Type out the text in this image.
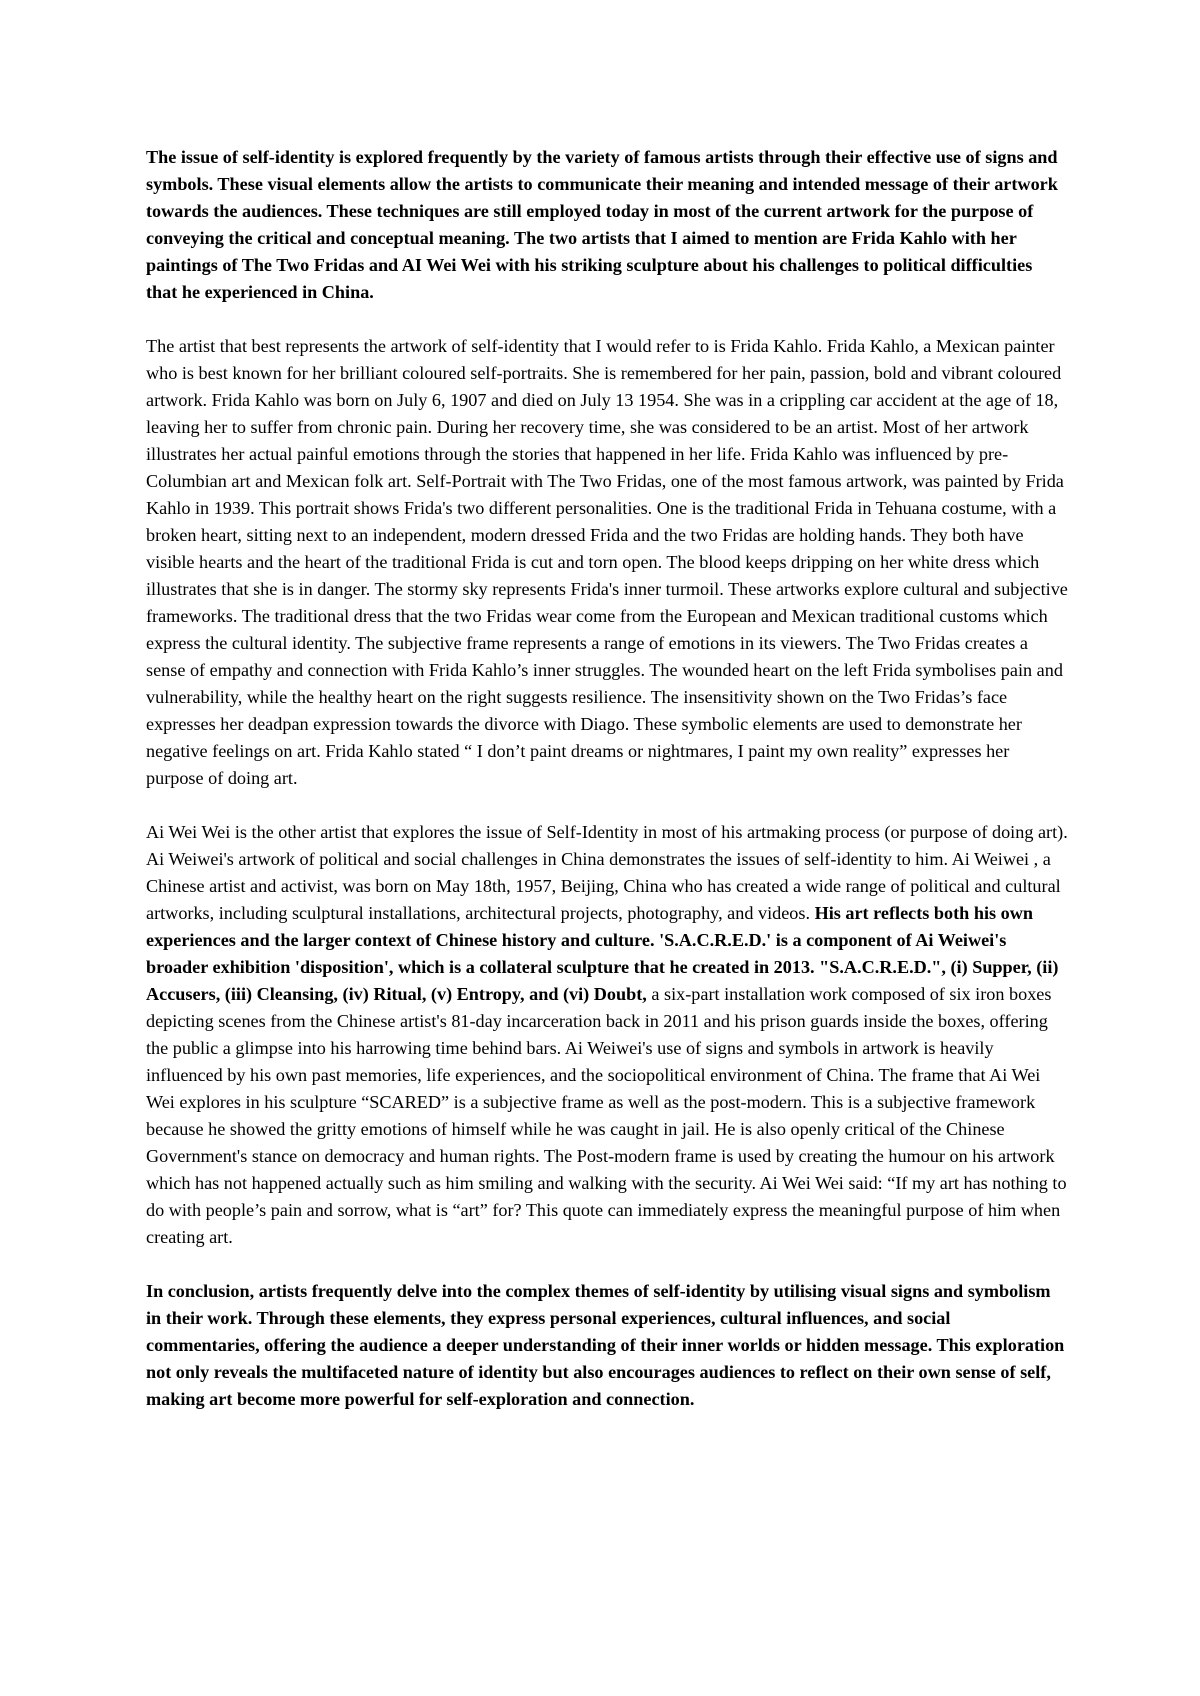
The issue of self-identity is explored frequently by the variety of famous artists through their effective use of signs and symbols. These visual elements allow the artists to communicate their meaning and intended message of their artwork towards the audiences. These techniques are still employed today in most of the current artwork for the purpose of conveying the critical and conceptual meaning. The two artists that I aimed to mention are Frida Kahlo with her paintings of The Two Fridas and AI Wei Wei with his striking sculpture about his challenges to political difficulties that he experienced in China.

The artist that best represents the artwork of self-identity that I would refer to is Frida Kahlo. Frida Kahlo, a Mexican painter who is best known for her brilliant coloured self-portraits. She is remembered for her pain, passion, bold and vibrant coloured artwork. Frida Kahlo was born on July 6, 1907 and died on July 13 1954. She was in a crippling car accident at the age of 18, leaving her to suffer from chronic pain. During her recovery time, she was considered to be an artist. Most of her artwork illustrates her actual painful emotions through the stories that happened in her life. Frida Kahlo was influenced by pre-Columbian art and Mexican folk art. Self-Portrait with The Two Fridas, one of the most famous artwork, was painted by Frida Kahlo in 1939. This portrait shows Frida's two different personalities. One is the traditional Frida in Tehuana costume, with a broken heart, sitting next to an independent, modern dressed Frida and the two Fridas are holding hands. They both have visible hearts and the heart of the traditional Frida is cut and torn open. The blood keeps dripping on her white dress which illustrates that she is in danger. The stormy sky represents Frida's inner turmoil. These artworks explore cultural and subjective frameworks. The traditional dress that the two Fridas wear come from the European and Mexican traditional customs which express the cultural identity. The subjective frame represents a range of emotions in its viewers. The Two Fridas creates a sense of empathy and connection with Frida Kahlo’s inner struggles. The wounded heart on the left Frida symbolises pain and vulnerability, while the healthy heart on the right suggests resilience. The insensitivity shown on the Two Fridas’s face expresses her deadpan expression towards the divorce with Diago. These symbolic elements are used to demonstrate her negative feelings on art. Frida Kahlo stated “ I don’t paint dreams or nightmares, I paint my own reality” expresses her purpose of doing art.

Ai Wei Wei is the other artist that explores the issue of Self-Identity in most of his artmaking process (or purpose of doing art). Ai Weiwei's artwork of political and social challenges in China demonstrates the issues of self-identity to him. Ai Weiwei , a Chinese artist and activist, was born on May 18th, 1957, Beijing, China who has created a wide range of political and cultural artworks, including sculptural installations, architectural projects, photography, and videos. His art reflects both his own experiences and the larger context of Chinese history and culture. 'S.A.C.R.E.D.' is a component of Ai Weiwei's broader exhibition 'disposition', which is a collateral sculpture that he created in 2013. "S.A.C.R.E.D.", (i) Supper, (ii) Accusers, (iii) Cleansing, (iv) Ritual, (v) Entropy, and (vi) Doubt, a six-part installation work composed of six iron boxes depicting scenes from the Chinese artist's 81-day incarceration back in 2011 and his prison guards inside the boxes, offering the public a glimpse into his harrowing time behind bars. Ai Weiwei's use of signs and symbols in artwork is heavily influenced by his own past memories, life experiences, and the sociopolitical environment of China. The frame that Ai Wei Wei explores in his sculpture “SCARED” is a subjective frame as well as the post-modern. This is a subjective framework because he showed the gritty emotions of himself while he was caught in jail. He is also openly critical of the Chinese Government's stance on democracy and human rights. The Post-modern frame is used by creating the humour on his artwork which has not happened actually such as him smiling and walking with the security. Ai Wei Wei said: “If my art has nothing to do with people’s pain and sorrow, what is “art” for? This quote can immediately express the meaningful purpose of him when creating art.

In conclusion, artists frequently delve into the complex themes of self-identity by utilising visual signs and symbolism in their work. Through these elements, they express personal experiences, cultural influences, and social commentaries, offering the audience a deeper understanding of their inner worlds or hidden message. This exploration not only reveals the multifaceted nature of identity but also encourages audiences to reflect on their own sense of self, making art become more powerful for self-exploration and connection.
